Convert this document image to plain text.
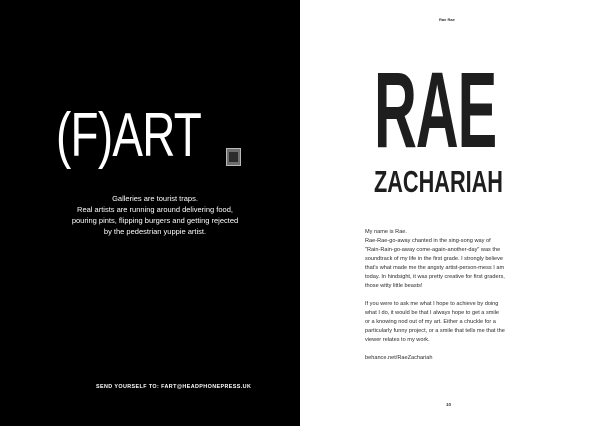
(F)ART
Galleries are tourist traps.
Real artists are running around delivering food,
pouring pints, flipping burgers and getting rejected
by the pedestrian yuppie artist.
SEND YOURSELF TO: FART@HEADPHONEPRESS.UK
Rae Rae
RAE
ZACHARIAH

My name is Rae.
Rae-Rae-go-away chanted in the sing-song way of
"Rain-Rain-go-away come-again-another-day" was the
soundtrack of my life in the first grade. I strongly believe
that's what made me the angsty artist-person-mess I am
today. In hindsight, it was pretty creative for first graders,
those witty little beasts!

If you were to ask me what I hope to achieve by doing
what I do, it would be that I always hope to get a smile
or a knowing nod out of my art. Either a chuckle for a
particularly funny project, or a smile that tells me that the
viewer relates to my work.

behance.net/RaeZachariah

10
